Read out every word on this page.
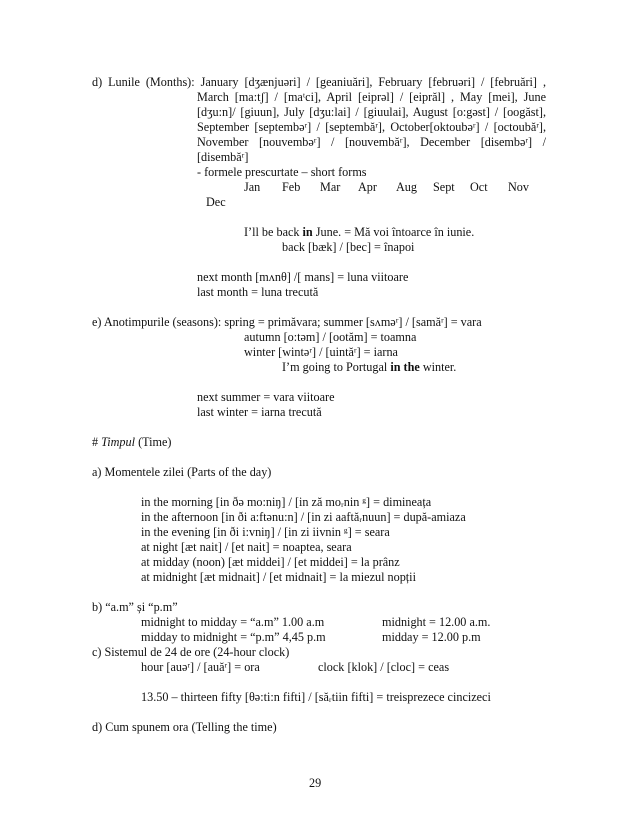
d) Lunile (Months): January [dʒænjuəri] / [geaniuări], February [februəri] / [februări] ,
March [ma:tʃ] / [maᵗci], April [eiprəl] / [eiprăl] , May [mei], June
[dʒu:n]/ [giuun], July [dʒu:lai] / [giuulai], August [o:gəst] / [oogăst],
September [septembəʳ] / [septembăʳ], October[oktoubəʳ] / [octoubăʳ],
November [nouvembəʳ] / [nouvembăʳ], December [disembəʳ] /
[disembăʳ]
- formele prescurtate – short forms
Jan Feb Mar Apr Aug Sept Oct Nov
Dec
I’ll be back in June. = Mă voi întoarce în iunie.
back [bæk] / [bec] = înapoi
next month [mʌnθ] /[ mans] = luna viitoare
last month = luna trecută
e) Anotimpurile (seasons): spring = primăvara; summer [sʌməʳ] / [samăʳ] = vara
autumn [o:təm] / [ootăm] = toamna
winter [wintəʳ] / [uintăʳ] = iarna
I’m going to Portugal in the winter.
next summer = vara viitoare
last winter = iarna trecută
# Timpul (Time)
a) Momentele zilei (Parts of the day)
in the morning [in ðə mo:niŋ] / [in ză moᵣnin ᵍ] = dimineața
in the afternoon [in ði a:ftənu:n] / [in zi aaftăᵣnuun] = după-amiaza
in the evening [in ði i:vniŋ] / [in zi iivnin ᵍ] = seara
at night [æt nait] / [et nait] = noaptea, seara
at midday (noon) [æt middei] / [et middei] = la prânz
at midnight [æt midnait] / [et midnait] = la miezul nopții
b) “a.m” și “p.m”
midnight to midday = “a.m” 1.00 a.m	midnight = 12.00 a.m.
midday to midnight = “p.m” 4,45 p.m	midday = 12.00 p.m
c) Sistemul de 24 de ore (24-hour clock)
hour [auəʳ] / [auăʳ] = ora	clock [klok] / [cloc] = ceas
13.50 – thirteen fifty [θə:ti:n fifti] / [săᵣtiin fifti] = treisprezece cincizeci
d) Cum spunem ora (Telling the time)
29
